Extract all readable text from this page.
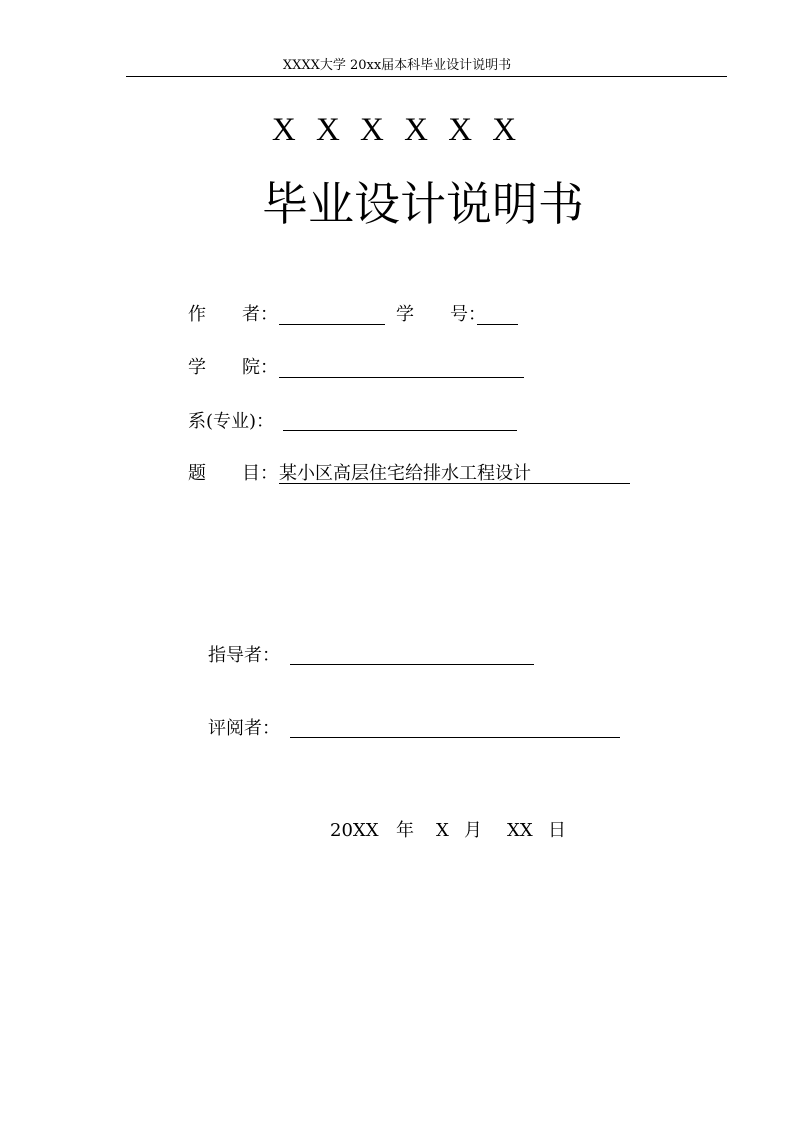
XXXX大学 20xx届本科毕业设计说明书
X X X X X X
毕业设计说明书
作　　者：	学　　号：
学　　院：
系(专业)：
题　　目： 某小区高层住宅给排水工程设计
指导者：
评阅者：
20XX 年 X 月 XX 日
